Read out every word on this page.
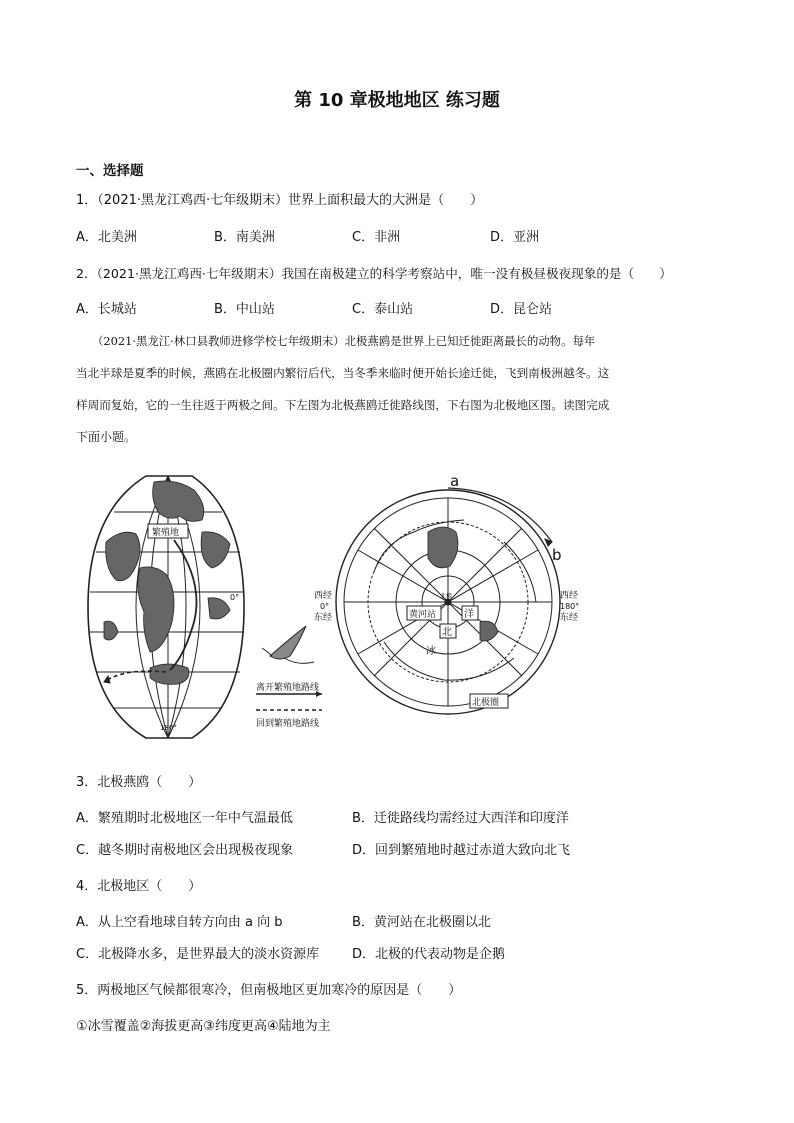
第 10 章极地地区 练习题
一、选择题
1．（2021·黑龙江鸡西·七年级期末）世界上面积最大的大洲是（　　）
A．北美洲	B．南美洲	C．非洲	D．亚洲
2．（2021·黑龙江鸡西·七年级期末）我国在南极建立的科学考察站中，唯一没有极昼极夜现象的是（　　）
A．长城站	B．中山站	C．泰山站	D．昆仑站
（2021·黑龙江·林口县教师进修学校七年级期末）北极燕鸥是世界上已知迁徙距离最长的动物。每年
当北半球是夏季的时候，燕鸥在北极圈内繁衍后代，当冬季来临时便开始长途迁徙，飞到南极洲越冬。这
样周而复始，它的一生往返于两极之间。下左图为北极燕鸥迁徙路线图，下右图为北极地区图。读图完成
下面小题。
繁殖地
0°
180°
离开繁殖地路线
回到繁殖地路线
a
b
西经
0°
东经
西经
180°
东经
黄河站
北
洋
冰
北极
北极圈
3．北极燕鸥（　　）
A．繁殖期时北极地区一年中气温最低	B．迁徙路线均需经过大西洋和印度洋
C．越冬期时南极地区会出现极夜现象	D．回到繁殖地时越过赤道大致向北飞
4．北极地区（　　）
A．从上空看地球自转方向由 a 向 b	B．黄河站在北极圈以北
C．北极降水多，是世界最大的淡水资源库	D．北极的代表动物是企鹅
5．两极地区气候都很寒冷，但南极地区更加寒冷的原因是（　　）
①冰雪覆盖②海拔更高③纬度更高④陆地为主
